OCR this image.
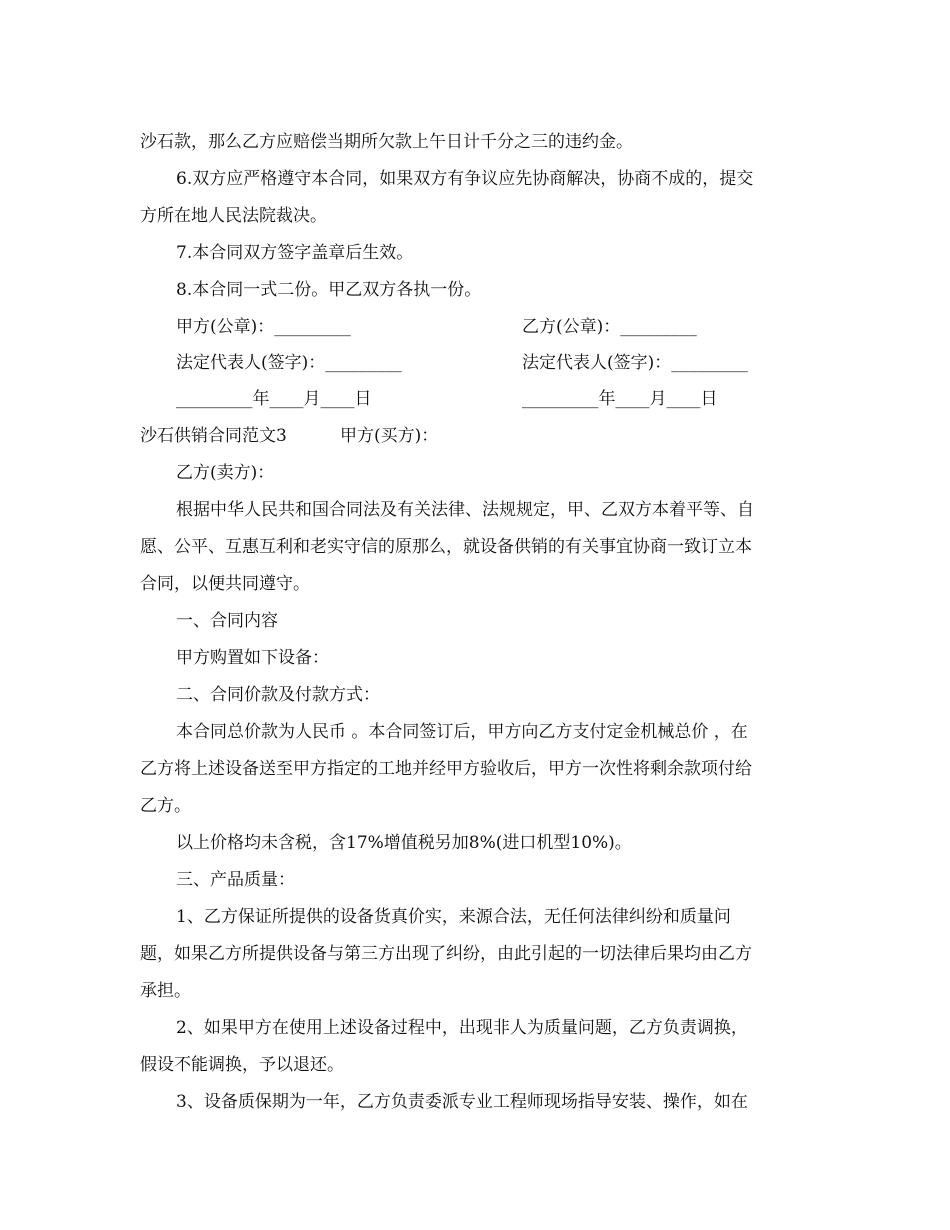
沙石款，那么乙方应赔偿当期所欠款上午日计千分之三的违约金。
6.双方应严格遵守本合同，如果双方有争议应先协商解决，协商不成的，提交
方所在地人民法院裁决。
7.本合同双方签字盖章后生效。
8.本合同一式二份。甲乙双方各执一份。
甲方(公章)：_________	乙方(公章)：_________
法定代表人(签字)：_________	法定代表人(签字)：_________
_________年____月____日	_________年____月____日
沙石供销合同范文3	甲方(买方)：
乙方(卖方)：
根据中华人民共和国合同法及有关法律、法规规定，甲、乙双方本着平等、自
愿、公平、互惠互利和老实守信的原那么，就设备供销的有关事宜协商一致订立本
合同，以便共同遵守。
一、合同内容
甲方购置如下设备：
二、合同价款及付款方式：
本合同总价款为人民币 。本合同签订后，甲方向乙方支付定金机械总价 ，在
乙方将上述设备送至甲方指定的工地并经甲方验收后，甲方一次性将剩余款项付给
乙方。
以上价格均未含税，含17%增值税另加8%(进口机型10%)。
三、产品质量：
1、乙方保证所提供的设备货真价实，来源合法，无任何法律纠纷和质量问
题，如果乙方所提供设备与第三方出现了纠纷，由此引起的一切法律后果均由乙方
承担。
2、如果甲方在使用上述设备过程中，出现非人为质量问题，乙方负责调换，
假设不能调换，予以退还。
3、设备质保期为一年，乙方负责委派专业工程师现场指导安装、操作，如在
